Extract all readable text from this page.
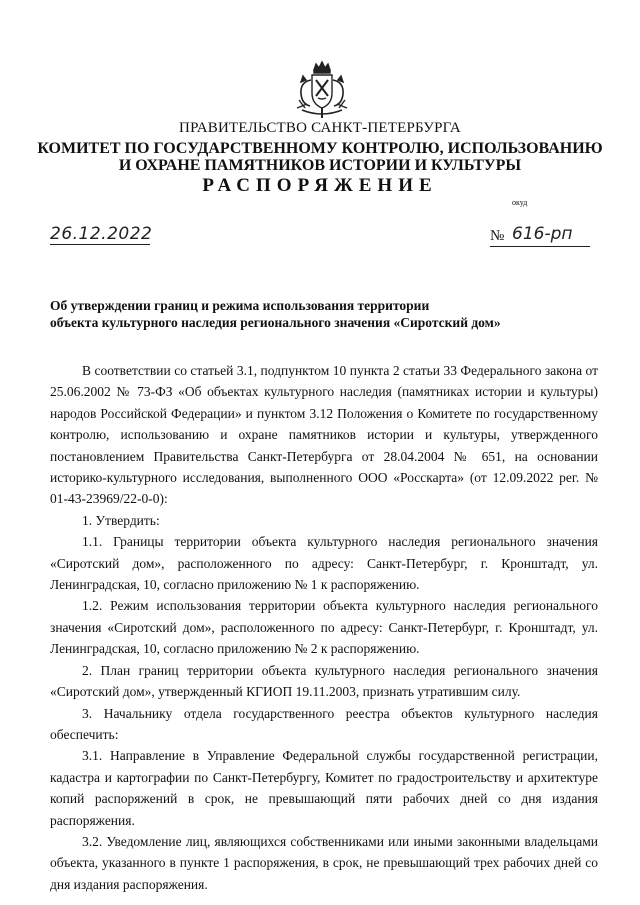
ПРАВИТЕЛЬСТВО САНКТ-ПЕТЕРБУРГА
КОМИТЕТ ПО ГОСУДАРСТВЕННОМУ КОНТРОЛЮ, ИСПОЛЬЗОВАНИЮ
И ОХРАНЕ ПАМЯТНИКОВ ИСТОРИИ И КУЛЬТУРЫ
РАСПОРЯЖЕНИЕ
окуд
26.12.2022	№ 616-рп
Об утверждении границ и режима использования территории
объекта культурного наследия регионального значения «Сиротский дом»

В соответствии со статьей 3.1, подпунктом 10 пункта 2 статьи 33 Федерального закона от 25.06.2002 № 73-ФЗ «Об объектах культурного наследия (памятниках истории и культуры) народов Российской Федерации» и пунктом 3.12 Положения о Комитете по государственному контролю, использованию и охране памятников истории и культуры, утвержденного постановлением Правительства Санкт-Петербурга от 28.04.2004 № 651, на основании историко-культурного исследования, выполненного ООО «Росскарта» (от 12.09.2022 рег. № 01-43-23969/22-0-0):

1. Утвердить:

1.1. Границы территории объекта культурного наследия регионального значения «Сиротский дом», расположенного по адресу: Санкт-Петербург, г. Кронштадт, ул. Ленинградская, 10, согласно приложению № 1 к распоряжению.

1.2. Режим использования территории объекта культурного наследия регионального значения «Сиротский дом», расположенного по адресу: Санкт-Петербург, г. Кронштадт, ул. Ленинградская, 10, согласно приложению № 2 к распоряжению.

2. План границ территории объекта культурного наследия регионального значения «Сиротский дом», утвержденный КГИОП 19.11.2003, признать утратившим силу.

3. Начальнику отдела государственного реестра объектов культурного наследия обеспечить:

3.1. Направление в Управление Федеральной службы государственной регистрации, кадастра и картографии по Санкт-Петербургу, Комитет по градостроительству и архитектуре копий распоряжений в срок, не превышающий пяти рабочих дней со дня издания распоряжения.

3.2. Уведомление лиц, являющихся собственниками или иными законными владельцами объекта, указанного в пункте 1 распоряжения, в срок, не превышающий трех рабочих дней со дня издания распоряжения.
